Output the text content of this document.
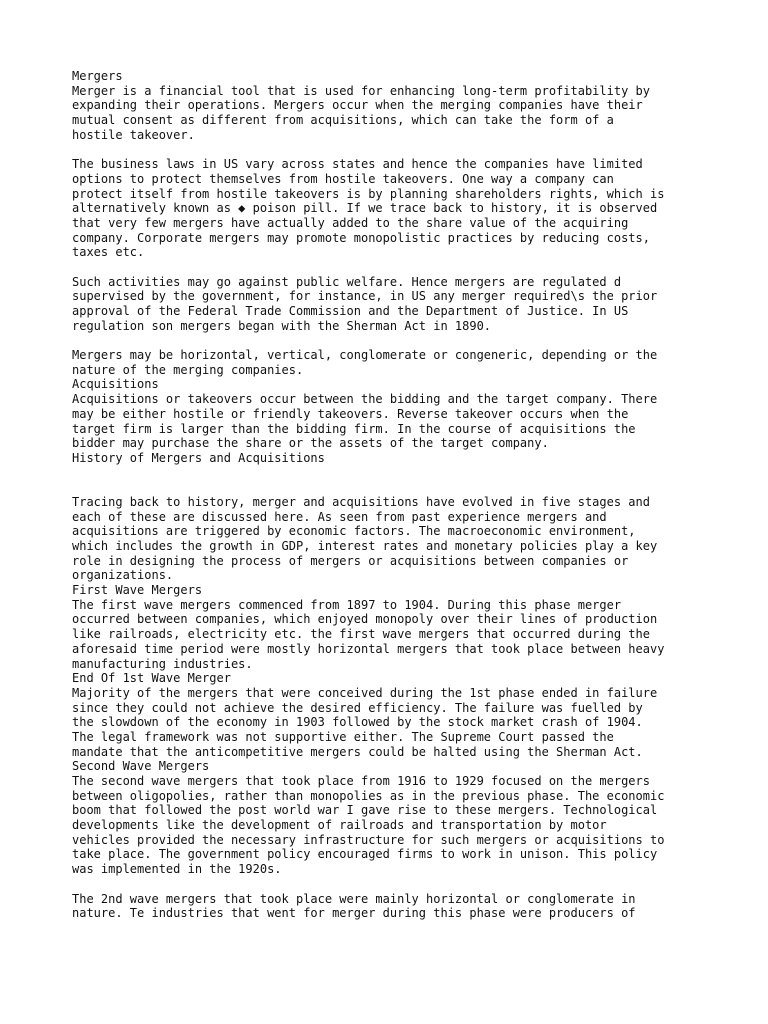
Mergers
Merger is a financial tool that is used for enhancing long-term profitability by
expanding their operations. Mergers occur when the merging companies have their
mutual consent as different from acquisitions, which can take the form of a
hostile takeover.
The business laws in US vary across states and hence the companies have limited
options to protect themselves from hostile takeovers. One way a company can
protect itself from hostile takeovers is by planning shareholders rights, which is
alternatively known as ◆ poison pill. If we trace back to history, it is observed
that very few mergers have actually added to the share value of the acquiring
company. Corporate mergers may promote monopolistic practices by reducing costs,
taxes etc.
Such activities may go against public welfare. Hence mergers are regulated d
supervised by the government, for instance, in US any merger required\s the prior
approval of the Federal Trade Commission and the Department of Justice. In US
regulation son mergers began with the Sherman Act in 1890.
Mergers may be horizontal, vertical, conglomerate or congeneric, depending or the
nature of the merging companies.
Acquisitions
Acquisitions or takeovers occur between the bidding and the target company. There
may be either hostile or friendly takeovers. Reverse takeover occurs when the
target firm is larger than the bidding firm. In the course of acquisitions the
bidder may purchase the share or the assets of the target company.
History of Mergers and Acquisitions
Tracing back to history, merger and acquisitions have evolved in five stages and
each of these are discussed here. As seen from past experience mergers and
acquisitions are triggered by economic factors. The macroeconomic environment,
which includes the growth in GDP, interest rates and monetary policies play a key
role in designing the process of mergers or acquisitions between companies or
organizations.
First Wave Mergers
The first wave mergers commenced from 1897 to 1904. During this phase merger
occurred between companies, which enjoyed monopoly over their lines of production
like railroads, electricity etc. the first wave mergers that occurred during the
aforesaid time period were mostly horizontal mergers that took place between heavy
manufacturing industries.
End Of 1st Wave Merger
Majority of the mergers that were conceived during the 1st phase ended in failure
since they could not achieve the desired efficiency. The failure was fuelled by
the slowdown of the economy in 1903 followed by the stock market crash of 1904.
The legal framework was not supportive either. The Supreme Court passed the
mandate that the anticompetitive mergers could be halted using the Sherman Act.
Second Wave Mergers
The second wave mergers that took place from 1916 to 1929 focused on the mergers
between oligopolies, rather than monopolies as in the previous phase. The economic
boom that followed the post world war I gave rise to these mergers. Technological
developments like the development of railroads and transportation by motor
vehicles provided the necessary infrastructure for such mergers or acquisitions to
take place. The government policy encouraged firms to work in unison. This policy
was implemented in the 1920s.
The 2nd wave mergers that took place were mainly horizontal or conglomerate in
nature. Te industries that went for merger during this phase were producers of
